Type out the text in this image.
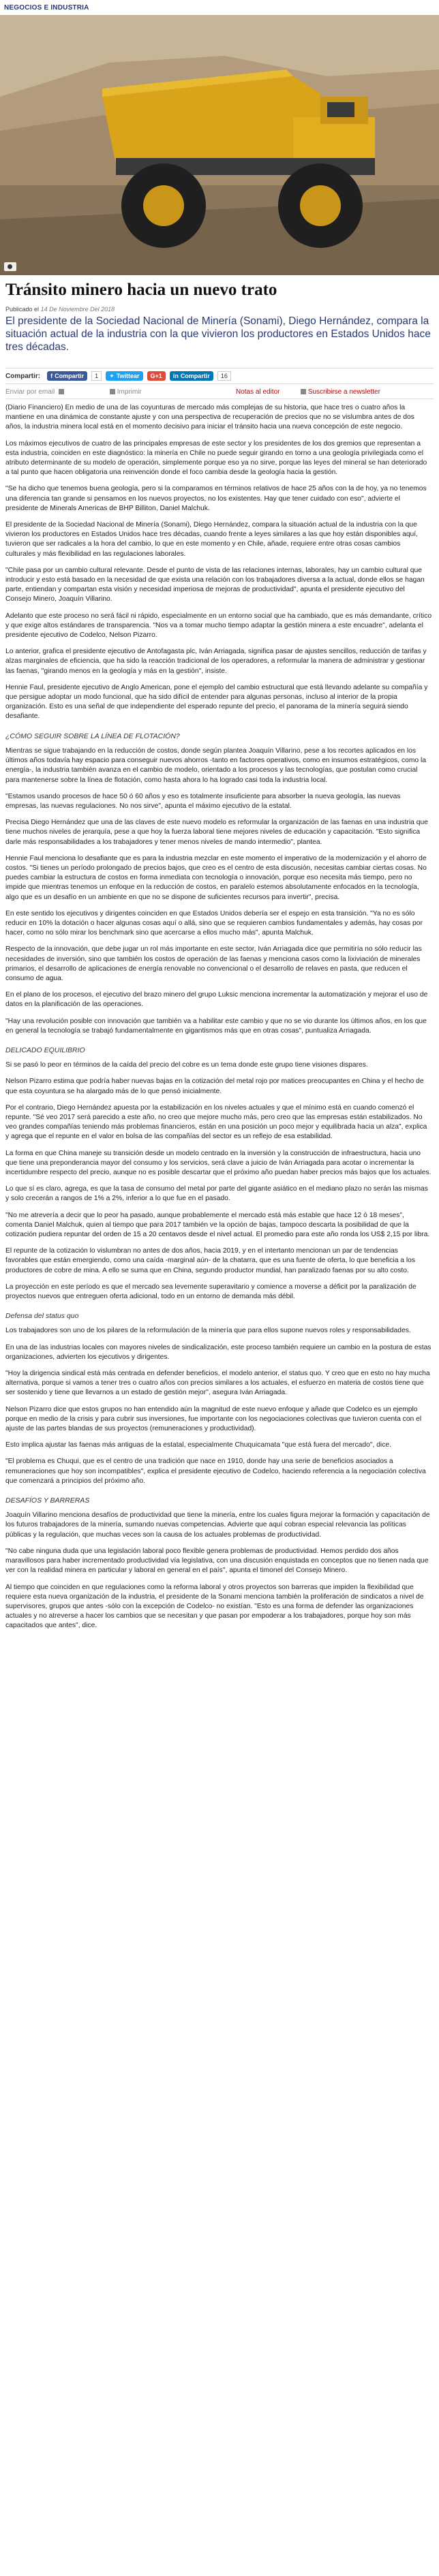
NEGOCIOS E INDUSTRIA
Tránsito minero hacia un nuevo trato
Publicado el 14 De Noviembre Del 2018

El presidente de la Sociedad Nacional de Minería (Sonami), Diego Hernández, compara la situación actual de la industria con la que vivieron los productores en Estados Unidos hace tres décadas.

Compartir: f Compartir	1	✦ Twittear G+1 in Compartir	16
Enviar por email	Imprimir	Notas al editor	Suscribirse a newsletter

(Diario Financiero) En medio de una de las coyunturas de mercado más complejas de su historia, que hace tres o cuatro años la mantiene en una dinámica de constante ajuste y con una perspectiva de recuperación de precios que no se vislumbra antes de dos años, la industria minera local está en el momento decisivo para iniciar el tránsito hacia una nueva concepción de este negocio.

Los máximos ejecutivos de cuatro de las principales empresas de este sector y los presidentes de los dos gremios que representan a esta industria, coinciden en este diagnóstico: la minería en Chile no puede seguir girando en torno a una geología privilegiada como el atributo determinante de su modelo de operación, simplemente porque eso ya no sirve, porque las leyes del mineral se han deteriorado a tal punto que hacen obligatoria una reinvención donde el foco cambia desde la geología hacia la gestión.

"Se ha dicho que tenemos buena geología, pero si la comparamos en términos relativos de hace 25 años con la de hoy, ya no tenemos una diferencia tan grande si pensamos en los nuevos proyectos, no los existentes. Hay que tener cuidado con eso", advierte el presidente de Minerals Americas de BHP Billiton, Daniel Malchuk.

El presidente de la Sociedad Nacional de Minería (Sonami), Diego Hernández, compara la situación actual de la industria con la que vivieron los productores en Estados Unidos hace tres décadas, cuando frente a leyes similares a las que hoy están disponibles aquí, tuvieron que ser radicales a la hora del cambio, lo que en este momento y en Chile, añade, requiere entre otras cosas cambios culturales y más flexibilidad en las regulaciones laborales.

"Chile pasa por un cambio cultural relevante. Desde el punto de vista de las relaciones internas, laborales, hay un cambio cultural que introducir y esto está basado en la necesidad de que exista una relación con los trabajadores diversa a la actual, donde ellos se hagan parte, entiendan y compartan esta visión y necesidad imperiosa de mejoras de productividad", apunta el presidente ejecutivo del Consejo Minero, Joaquín Villarino.

Adelanto que este proceso no será fácil ni rápido, especialmente en un entorno social que ha cambiado, que es más demandante, crítico y que exige altos estándares de transparencia. "Nos va a tomar mucho tiempo adaptar la gestión minera a este encuadre", adelanta el presidente ejecutivo de Codelco, Nelson Pizarro.

Lo anterior, grafica el presidente ejecutivo de Antofagasta plc, Iván Arriagada, significa pasar de ajustes sencillos, reducción de tarifas y alzas marginales de eficiencia, que ha sido la reacción tradicional de los operadores, a reformular la manera de administrar y gestionar las faenas, "girando menos en la geología y más en la gestión", insiste.

Hennie Faul, presidente ejecutivo de Anglo American, pone el ejemplo del cambio estructural que está llevando adelante su compañía y que persigue adoptar un modo funcional, que ha sido difícil de entender para algunas personas, incluso al interior de la propia organización. Esto es una señal de que independiente del esperado repunte del precio, el panorama de la minería seguirá siendo desafiante.

¿CÓMO SEGUIR SOBRE LA LÍNEA DE FLOTACIÓN?

Mientras se sigue trabajando en la reducción de costos, donde según plantea Joaquín Villarino, pese a los recortes aplicados en los últimos años todavía hay espacio para conseguir nuevos ahorros -tanto en factores operativos, como en insumos estratégicos, como la energía-, la industria también avanza en el cambio de modelo, orientado a los procesos y las tecnologías, que postulan como crucial para mantenerse sobre la línea de flotación, como hasta ahora lo ha logrado casi toda la industria local.

"Estamos usando procesos de hace 50 ó 60 años y eso es totalmente insuficiente para absorber la nueva geología, las nuevas empresas, las nuevas regulaciones. No nos sirve", apunta el máximo ejecutivo de la estatal.

Precisa Diego Hernández que una de las claves de este nuevo modelo es reformular la organización de las faenas en una industria que tiene muchos niveles de jerarquía, pese a que hoy la fuerza laboral tiene mejores niveles de educación y capacitación. "Esto significa darle más responsabilidades a los trabajadores y tener menos niveles de mando intermedio", plantea.

Hennie Faul menciona lo desafiante que es para la industria mezclar en este momento el imperativo de la modernización y el ahorro de costos. "Si tienes un período prolongado de precios bajos, que creo es el centro de esta discusión, necesitas cambiar ciertas cosas. No puedes cambiar la estructura de costos en forma inmediata con tecnología o innovación, porque eso necesita más tiempo, pero no impide que mientras tenemos un enfoque en la reducción de costos, en paralelo estemos absolutamente enfocados en la tecnología, algo que es un desafío en un ambiente en que no se dispone de suficientes recursos para invertir", precisa.

En este sentido los ejecutivos y dirigentes coinciden en que Estados Unidos debería ser el espejo en esta transición. "Ya no es sólo reducir en 10% la dotación o hacer algunas cosas aquí o allá, sino que se requieren cambios fundamentales y además, hay cosas por hacer, como no sólo mirar los benchmark sino que acercarse a ellos mucho más", apunta Malchuk.

Respecto de la innovación, que debe jugar un rol más importante en este sector, Iván Arriagada dice que permitiría no sólo reducir las necesidades de inversión, sino que también los costos de operación de las faenas y menciona casos como la lixiviación de minerales primarios, el desarrollo de aplicaciones de energía renovable no convencional o el desarrollo de relaves en pasta, que reducen el consumo de agua.

En el plano de los procesos, el ejecutivo del brazo minero del grupo Luksic menciona incrementar la automatización y mejorar el uso de datos en la planificación de las operaciones.

"Hay una revolución posible con innovación que también va a habilitar este cambio y que no se vio durante los últimos años, en los que en general la tecnología se trabajó fundamentalmente en gigantismos más que en otras cosas", puntualiza Arriagada.

DELICADO EQUILIBRIO

Si se pasó lo peor en términos de la caída del precio del cobre es un tema donde este grupo tiene visiones dispares.

Nelson Pizarro estima que podría haber nuevas bajas en la cotización del metal rojo por matices preocupantes en China y el hecho de que esta coyuntura se ha alargado más de lo que pensó inicialmente.

Por el contrario, Diego Hernández apuesta por la estabilización en los niveles actuales y que el mínimo está en cuando comenzó el repunte. "Sé veo 2017 será parecido a este año, no creo que mejore mucho más, pero creo que las empresas están estabilizados. No veo grandes compañías teniendo más problemas financieros, están en una posición un poco mejor y equilibrada hacia un alza", explica y agrega que el repunte en el valor en bolsa de las compañías del sector es un reflejo de esa estabilidad.

La forma en que China maneje su transición desde un modelo centrado en la inversión y la construcción de infraestructura, hacia uno que tiene una preponderancia mayor del consumo y los servicios, será clave a juicio de Iván Arriagada para acotar o incrementar la incertidumbre respecto del precio, aunque no es posible descartar que el próximo año puedan haber precios más bajos que los actuales.

Lo que sí es claro, agrega, es que la tasa de consumo del metal por parte del gigante asiático en el mediano plazo no serán las mismas y solo crecerán a rangos de 1% a 2%, inferior a lo que fue en el pasado.

"No me atrevería a decir que lo peor ha pasado, aunque probablemente el mercado está más estable que hace 12 ó 18 meses", comenta Daniel Malchuk, quien al tiempo que para 2017 también ve la opción de bajas, tampoco descarta la posibilidad de que la cotización pudiera repuntar del orden de 15 a 20 centavos desde el nivel actual. El promedio para este año ronda los US$ 2,15 por libra.

El repunte de la cotización lo vislumbran no antes de dos años, hacia 2019, y en el intertanto mencionan un par de tendencias favorables que están emergiendo, como una caída -marginal aún- de la chatarra, que es una fuente de oferta, lo que beneficia a los productores de cobre de mina. A ello se suma que en China, segundo productor mundial, han paralizado faenas por su alto costo.

La proyección en este período es que el mercado sea levemente superavitario y comience a moverse a déficit por la paralización de proyectos nuevos que entreguen oferta adicional, todo en un entorno de demanda más débil.

Defensa del status quo

Los trabajadores son uno de los pilares de la reformulación de la minería que para ellos supone nuevos roles y responsabilidades.

En una de las industrias locales con mayores niveles de sindicalización, este proceso también requiere un cambio en la postura de estas organizaciones, advierten los ejecutivos y dirigentes.

"Hoy la dirigencia sindical está más centrada en defender beneficios, el modelo anterior, el status quo. Y creo que en esto no hay mucha alternativa, porque si vamos a tener tres o cuatro años con precios similares a los actuales, el esfuerzo en materia de costos tiene que ser sostenido y tiene que llevarnos a un estado de gestión mejor", asegura Iván Arriagada.

Nelson Pizarro dice que estos grupos no han entendido aún la magnitud de este nuevo enfoque y añade que Codelco es un ejemplo porque en medio de la crisis y para cubrir sus inversiones, fue importante con los negociaciones colectivas que tuvieron cuenta con el ajuste de las partes blandas de sus proyectos (remuneraciones y productividad).

Esto implica ajustar las faenas más antiguas de la estatal, especialmente Chuquicamata "que está fuera del mercado", dice.

"El problema es Chuqui, que es el centro de una tradición que nace en 1910, donde hay una serie de beneficios asociados a remuneraciones que hoy son incompatibles", explica el presidente ejecutivo de Codelco, haciendo referencia a la negociación colectiva que comenzará a principios del próximo año.

DESAFÍOS Y BARRERAS

Joaquín Villarino menciona desafíos de productividad que tiene la minería, entre los cuales figura mejorar la formación y capacitación de los futuros trabajadores de la minería, sumando nuevas competencias. Advierte que aquí cobran especial relevancia las políticas públicas y la regulación, que muchas veces son la causa de los actuales problemas de productividad.

"No cabe ninguna duda que una legislación laboral poco flexible genera problemas de productividad. Hemos perdido dos años maravillosos para haber incrementado productividad vía legislativa, con una discusión enquistada en conceptos que no tienen nada que ver con la realidad minera en particular y laboral en general en el país", apunta el timonel del Consejo Minero.

Al tiempo que coinciden en que regulaciones como la reforma laboral y otros proyectos son barreras que impiden la flexibilidad que requiere esta nueva organización de la industria, el presidente de la Sonami menciona también la proliferación de sindicatos a nivel de supervisores, grupos que antes -sólo con la excepción de Codelco- no existían. "Esto es una forma de defender las organizaciones actuales y no atreverse a hacer los cambios que se necesitan y que pasan por empoderar a los trabajadores, porque hoy son más capacitados que antes", dice.
